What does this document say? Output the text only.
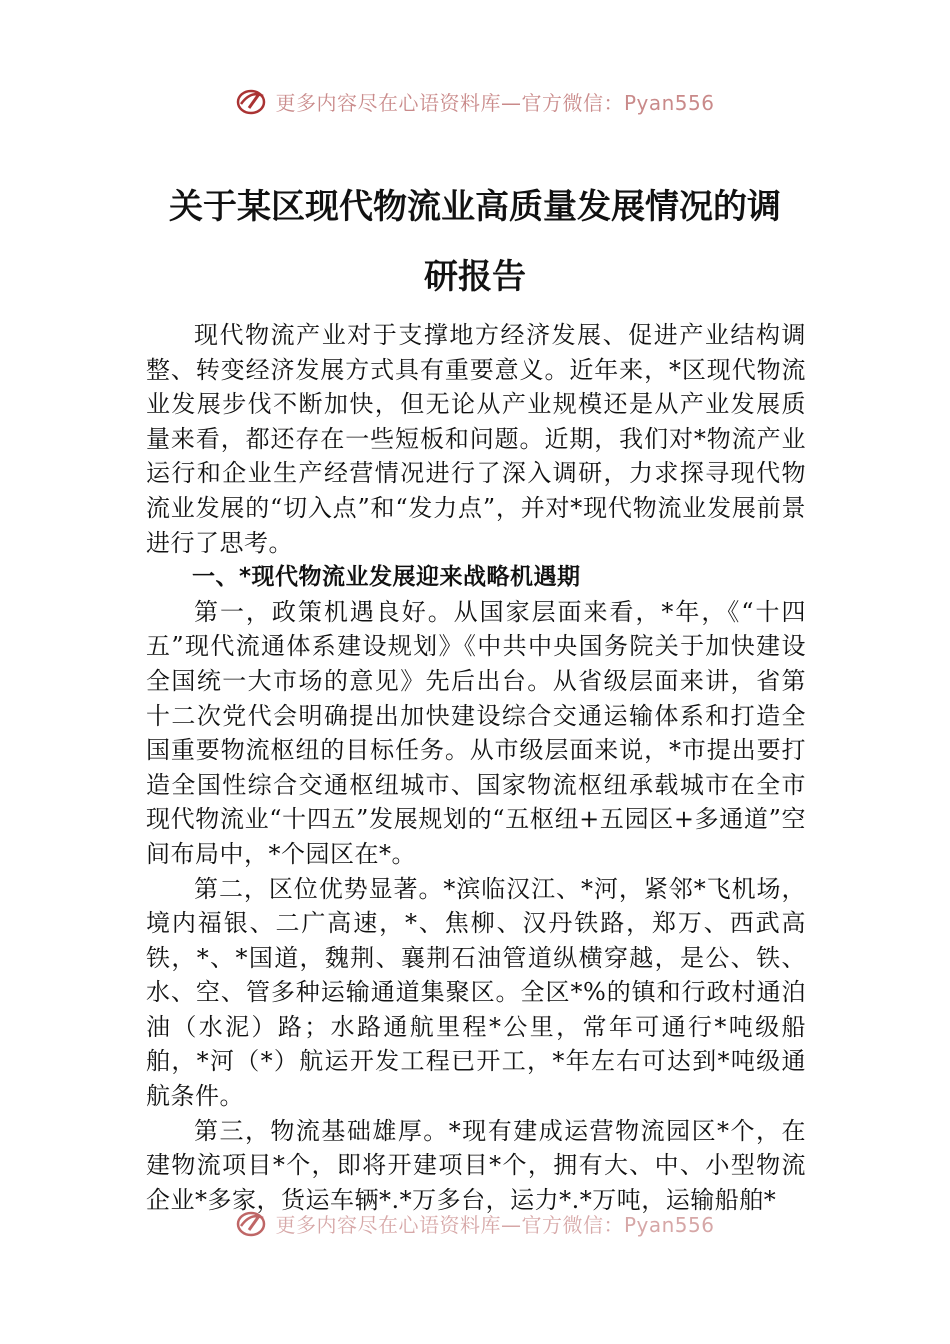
更多内容尽在心语资料库—官方微信：Pyan556
关于某区现代物流业高质量发展情况的调
研报告

现代物流产业对于支撑地方经济发展、促进产业结构调整、转变经济发展方式具有重要意义。近年来，*区现代物流业发展步伐不断加快，但无论从产业规模还是从产业发展质量来看，都还存在一些短板和问题。近期，我们对*物流产业运行和企业生产经营情况进行了深入调研，力求探寻现代物流业发展的“切入点”和“发力点”，并对*现代物流业发展前景进行了思考。

一、*现代物流业发展迎来战略机遇期

第一，政策机遇良好。从国家层面来看，*年，《“十四五”现代流通体系建设规划》《中共中央国务院关于加快建设全国统一大市场的意见》先后出台。从省级层面来讲，省第十二次党代会明确提出加快建设综合交通运输体系和打造全国重要物流枢纽的目标任务。从市级层面来说，*市提出要打造全国性综合交通枢纽城市、国家物流枢纽承载城市在全市现代物流业“十四五”发展规划的“五枢纽+五园区+多通道”空间布局中，*个园区在*。

第二，区位优势显著。*滨临汉江、*河，紧邻*飞机场，境内福银、二广高速，*、焦柳、汉丹铁路，郑万、西武高铁，*、*国道，魏荆、襄荆石油管道纵横穿越，是公、铁、水、空、管多种运输通道集聚区。全区*%的镇和行政村通泊油（水泥）路；水路通航里程*公里，常年可通行*吨级船舶，*河（*）航运开发工程已开工，*年左右可达到*吨级通航条件。

第三，物流基础雄厚。*现有建成运营物流园区*个，在建物流项目*个，即将开建项目*个，拥有大、中、小型物流企业*多家，货运车辆*.*万多台，运力*.*万吨，运输船舶*

更多内容尽在心语资料库—官方微信：Pyan556
